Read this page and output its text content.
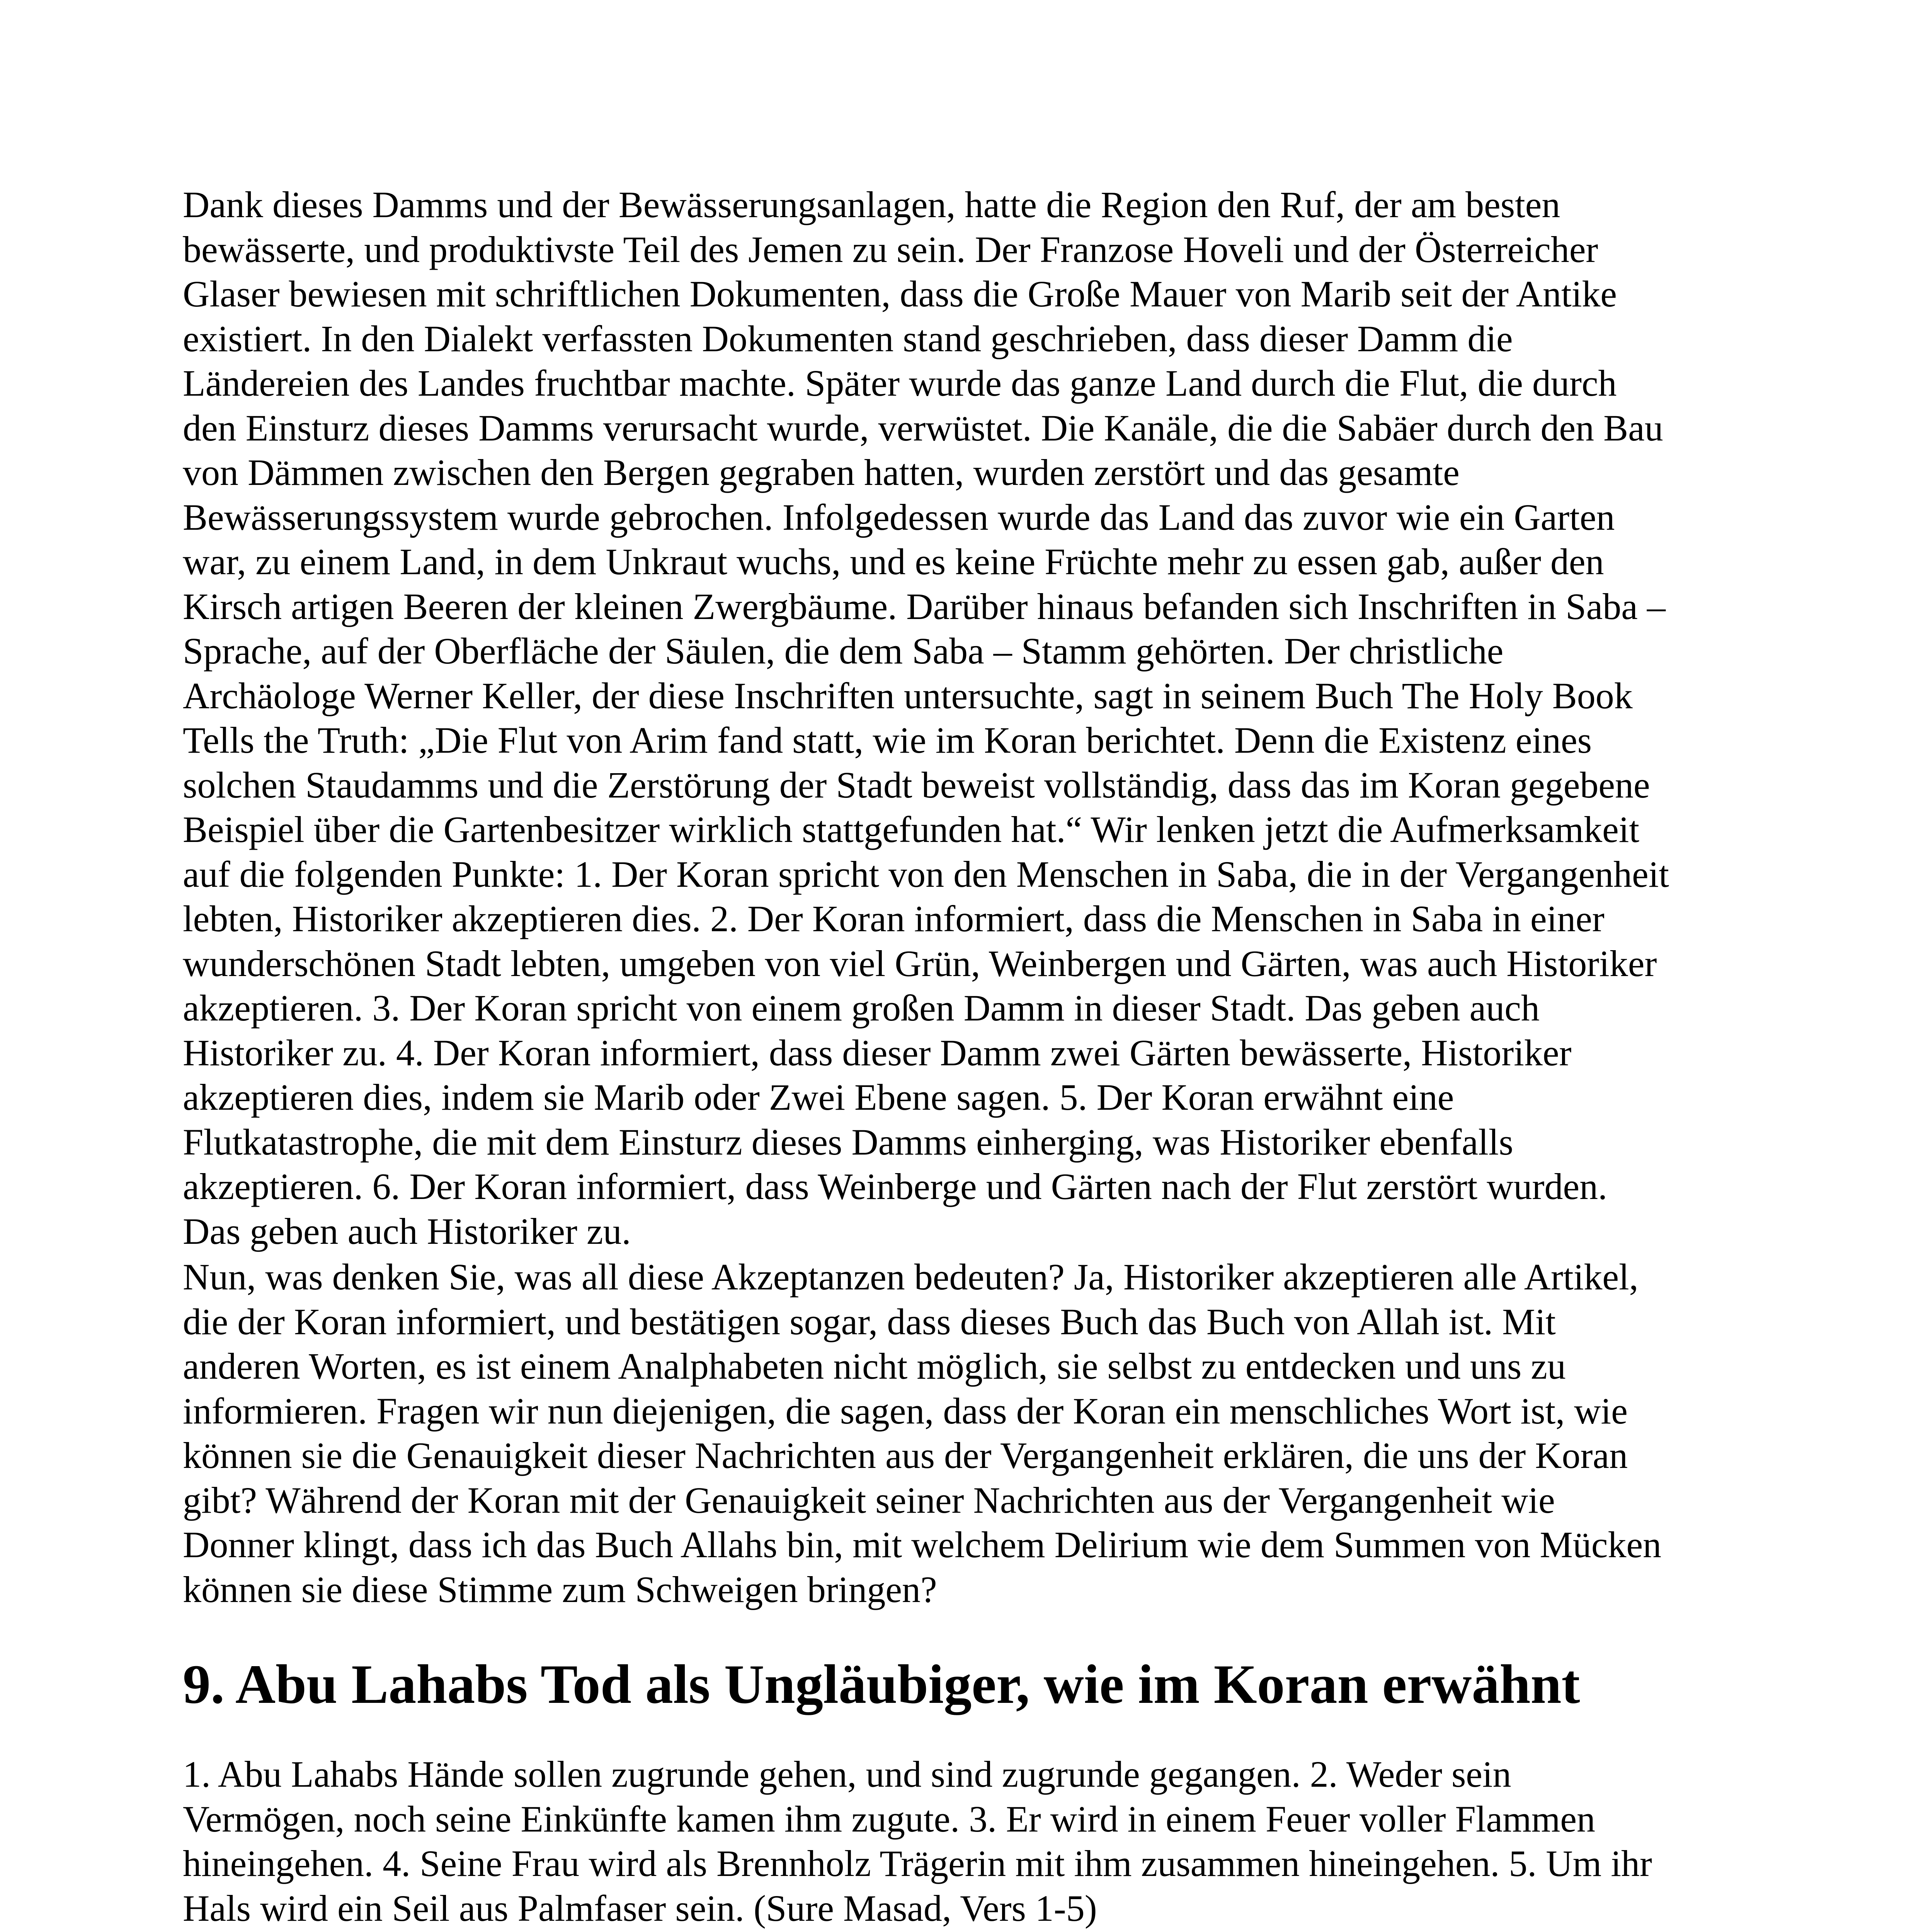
Dank dieses Damms und der Bewässerungsanlagen, hatte die Region den Ruf, der am besten
bewässerte, und produktivste Teil des Jemen zu sein. Der Franzose Hoveli und der Österreicher
Glaser bewiesen mit schriftlichen Dokumenten, dass die Große Mauer von Marib seit der Antike
existiert. In den Dialekt verfassten Dokumenten stand geschrieben, dass dieser Damm die
Ländereien des Landes fruchtbar machte. Später wurde das ganze Land durch die Flut, die durch
den Einsturz dieses Damms verursacht wurde, verwüstet. Die Kanäle, die die Sabäer durch den Bau
von Dämmen zwischen den Bergen gegraben hatten, wurden zerstört und das gesamte
Bewässerungssystem wurde gebrochen. Infolgedessen wurde das Land das zuvor wie ein Garten
war, zu einem Land, in dem Unkraut wuchs, und es keine Früchte mehr zu essen gab, außer den
Kirsch artigen Beeren der kleinen Zwergbäume. Darüber hinaus befanden sich Inschriften in Saba –
Sprache, auf der Oberfläche der Säulen, die dem Saba – Stamm gehörten. Der christliche
Archäologe Werner Keller, der diese Inschriften untersuchte, sagt in seinem Buch The Holy Book
Tells the Truth: „Die Flut von Arim fand statt, wie im Koran berichtet. Denn die Existenz eines
solchen Staudamms und die Zerstörung der Stadt beweist vollständig, dass das im Koran gegebene
Beispiel über die Gartenbesitzer wirklich stattgefunden hat.“ Wir lenken jetzt die Aufmerksamkeit
auf die folgenden Punkte: 1. Der Koran spricht von den Menschen in Saba, die in der Vergangenheit
lebten, Historiker akzeptieren dies. 2. Der Koran informiert, dass die Menschen in Saba in einer
wunderschönen Stadt lebten, umgeben von viel Grün, Weinbergen und Gärten, was auch Historiker
akzeptieren. 3. Der Koran spricht von einem großen Damm in dieser Stadt. Das geben auch
Historiker zu. 4. Der Koran informiert, dass dieser Damm zwei Gärten bewässerte, Historiker
akzeptieren dies, indem sie Marib oder Zwei Ebene sagen. 5. Der Koran erwähnt eine
Flutkatastrophe, die mit dem Einsturz dieses Damms einherging, was Historiker ebenfalls
akzeptieren. 6. Der Koran informiert, dass Weinberge und Gärten nach der Flut zerstört wurden.
Das geben auch Historiker zu.

Nun, was denken Sie, was all diese Akzeptanzen bedeuten? Ja, Historiker akzeptieren alle Artikel,
die der Koran informiert, und bestätigen sogar, dass dieses Buch das Buch von Allah ist. Mit
anderen Worten, es ist einem Analphabeten nicht möglich, sie selbst zu entdecken und uns zu
informieren. Fragen wir nun diejenigen, die sagen, dass der Koran ein menschliches Wort ist, wie
können sie die Genauigkeit dieser Nachrichten aus der Vergangenheit erklären, die uns der Koran
gibt? Während der Koran mit der Genauigkeit seiner Nachrichten aus der Vergangenheit wie
Donner klingt, dass ich das Buch Allahs bin, mit welchem Delirium wie dem Summen von Mücken
können sie diese Stimme zum Schweigen bringen?

9. Abu Lahabs Tod als Ungläubiger, wie im Koran erwähnt

1. Abu Lahabs Hände sollen zugrunde gehen, und sind zugrunde gegangen. 2. Weder sein
Vermögen, noch seine Einkünfte kamen ihm zugute. 3. Er wird in einem Feuer voller Flammen
hineingehen. 4. Seine Frau wird als Brennholz Trägerin mit ihm zusammen hineingehen. 5. Um ihr
Hals wird ein Seil aus Palmfaser sein. (Sure Masad, Vers 1-5)
